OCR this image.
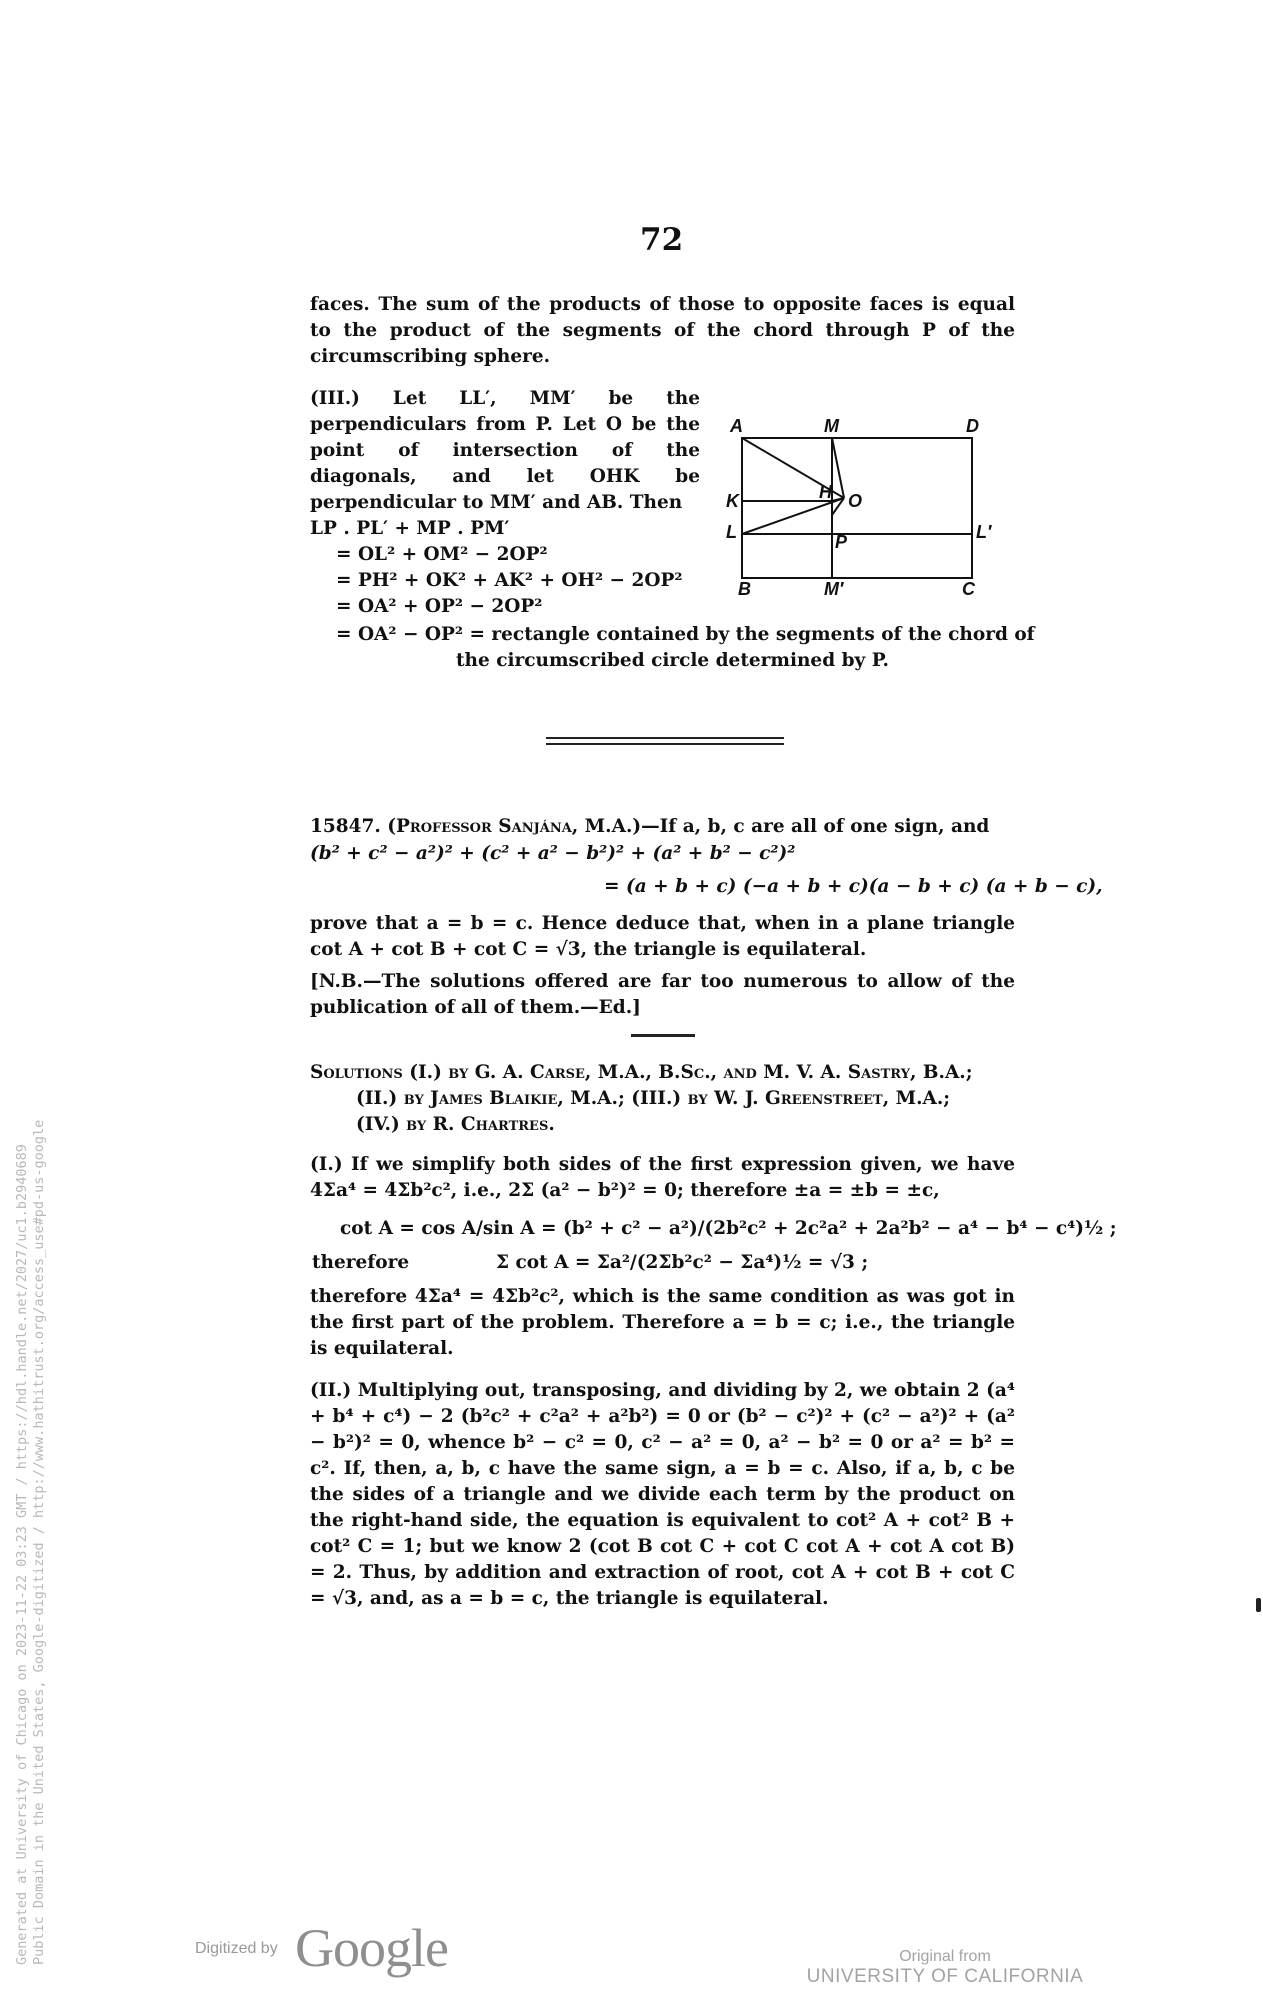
Generated at University of Chicago on 2023-11-22 03:23 GMT / https://hdl.handle.net/2027/uc1.b2940689 Public Domain in the United States, Google-digitized / http://www.hathitrust.org/access_use#pd-us-google
72
faces. The sum of the products of those to opposite faces is equal to the product of the segments of the chord through P of the circumscribing sphere.
(III.) Let LL′, MM′ be the perpendiculars from P. Let O be the point of intersection of the diagonals, and let OHK be perpendicular to MM′ and AB. Then
LP . PL′ + MP . PM′
= OL² + OM² − 2OP²
= PH² + OK² + AK² + OH² − 2OP²
= OA² + OP² − 2OP²
= OA² − OP² = rectangle contained by the segments of the chord of
the circumscribed circle determined by P.
A	M	D
K	H O
L	P	L′
B	M′	C
15847. (Professor Sanjána, M.A.)—If a, b, c are all of one sign, and
(b² + c² − a²)² + (c² + a² − b²)² + (a² + b² − c²)²
= (a + b + c) (−a + b + c)(a − b + c) (a + b − c),
prove that a = b = c. Hence deduce that, when in a plane triangle cot A + cot B + cot C = √3, the triangle is equilateral.
[N.B.—The solutions offered are far too numerous to allow of the publication of all of them.—Ed.]
Solutions (I.) by G. A. Carse, M.A., B.Sc., and M. V. A. Sastry, B.A.;
(II.) by James Blaikie, M.A.; (III.) by W. J. Greenstreet, M.A.;
(IV.) by R. Chartres.
(I.) If we simplify both sides of the first expression given, we have 4Σa⁴ = 4Σb²c², i.e., 2Σ (a² − b²)² = 0; therefore ±a = ±b = ±c,
cot A = cos A/sin A = (b² + c² − a²)/(2b²c² + 2c²a² + 2a²b² − a⁴ − b⁴ − c⁴)½ ;
therefore	Σ cot A = Σa²/(2Σb²c² − Σa⁴)½ = √3 ;
therefore 4Σa⁴ = 4Σb²c², which is the same condition as was got in the first part of the problem. Therefore a = b = c; i.e., the triangle is equilateral.
(II.) Multiplying out, transposing, and dividing by 2, we obtain 2 (a⁴ + b⁴ + c⁴) − 2 (b²c² + c²a² + a²b²) = 0 or (b² − c²)² + (c² − a²)² + (a² − b²)² = 0, whence b² − c² = 0, c² − a² = 0, a² − b² = 0 or a² = b² = c². If, then, a, b, c have the same sign, a = b = c. Also, if a, b, c be the sides of a triangle and we divide each term by the product on the right-hand side, the equation is equivalent to cot² A + cot² B + cot² C = 1; but we know 2 (cot B cot C + cot C cot A + cot A cot B) = 2. Thus, by addition and extraction of root, cot A + cot B + cot C = √3, and, as a = b = c, the triangle is equilateral.
Digitized by Google	Original from
UNIVERSITY OF CALIFORNIA
